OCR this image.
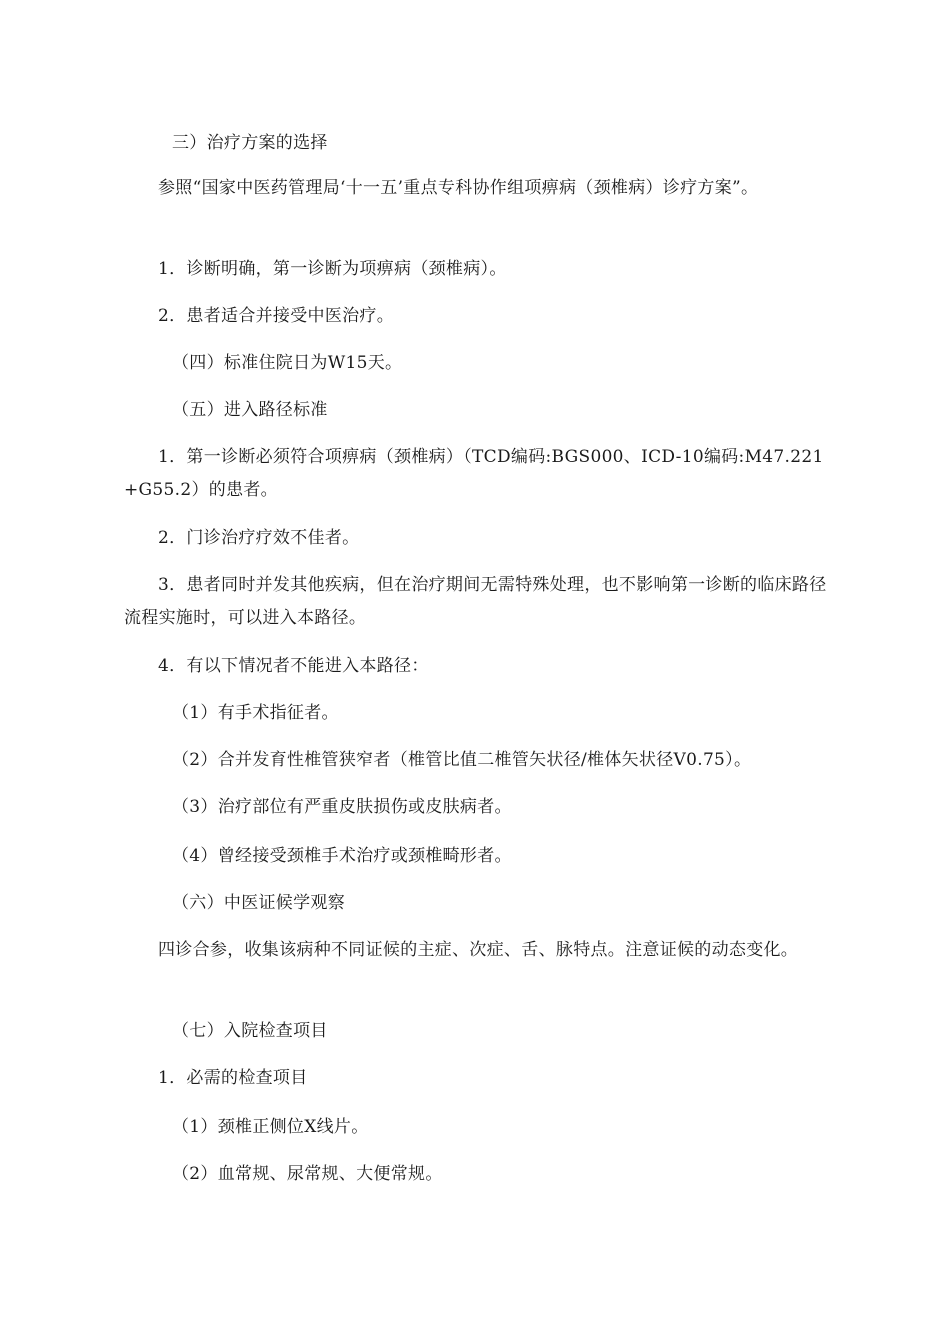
三）治疗方案的选择

参照“国家中医药管理局‘十一五’重点专科协作组项痹病（颈椎病）诊疗方案”。

1．诊断明确，第一诊断为项痹病（颈椎病）。

2．患者适合并接受中医治疗。

（四）标准住院日为W15天。

（五）进入路径标准

1．第一诊断必须符合项痹病（颈椎病）（TCD编码:BGS000、ICD-10编码:M47.221+G55.2）的患者。

2．门诊治疗疗效不佳者。

3．患者同时并发其他疾病，但在治疗期间无需特殊处理，也不影响第一诊断的临床路径流程实施时，可以进入本路径。

4．有以下情况者不能进入本路径：

（1）有手术指征者。

（2）合并发育性椎管狭窄者（椎管比值二椎管矢状径/椎体矢状径V0.75）。

（3）治疗部位有严重皮肤损伤或皮肤病者。

（4）曾经接受颈椎手术治疗或颈椎畸形者。

（六）中医证候学观察

四诊合参，收集该病种不同证候的主症、次症、舌、脉特点。注意证候的动态变化。

（七）入院检查项目

1．必需的检查项目

（1）颈椎正侧位X线片。

（2）血常规、尿常规、大便常规。
